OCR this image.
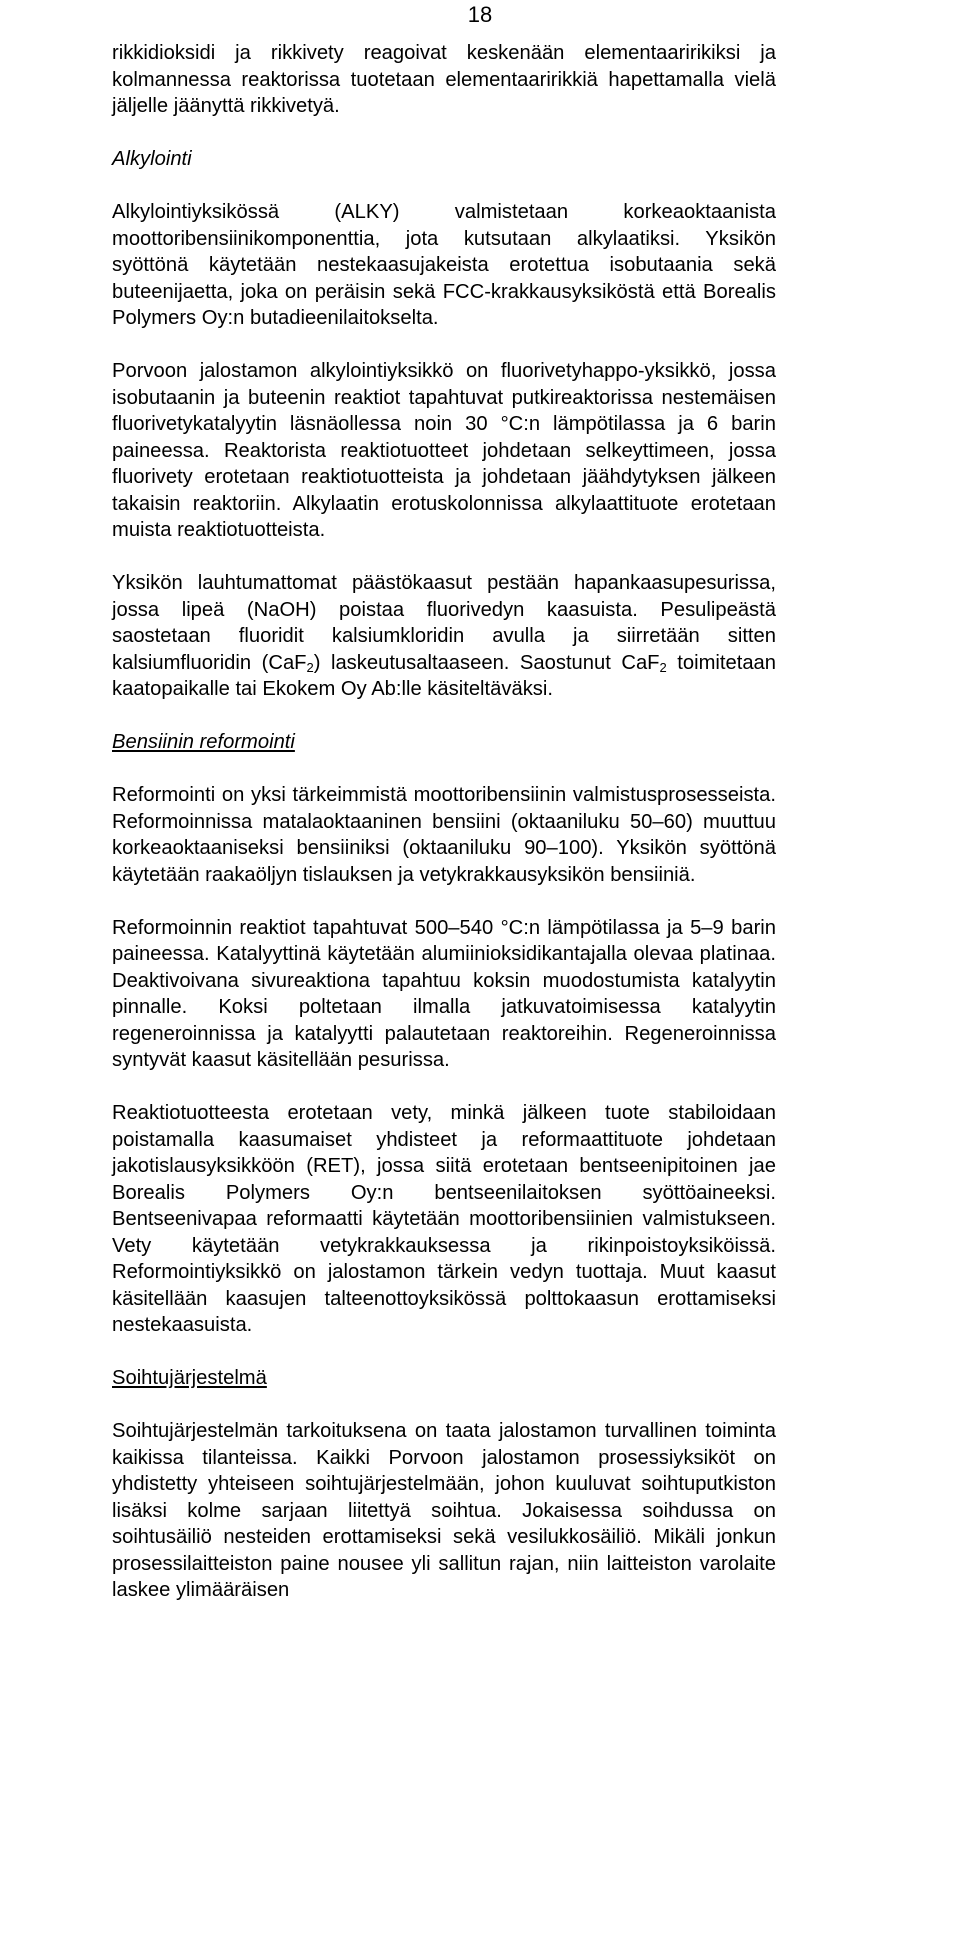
18

rikkidioksidi ja rikkivety reagoivat keskenään elementaaririkiksi ja kolmannessa reaktorissa tuotetaan elementaaririkkiä hapettamalla vielä jäljelle jäänyttä rikkivetyä.

Alkylointi

Alkylointiyksikössä (ALKY) valmistetaan korkeaoktaanista moottoribensiinikomponenttia, jota kutsutaan alkylaatiksi. Yksikön syöttönä käytetään nestekaasujakeista erotettua isobutaania sekä buteenijaetta, joka on peräisin sekä FCC-krakkausyksiköstä että Borealis Polymers Oy:n butadieenilaitokselta.

Porvoon jalostamon alkylointiyksikkö on fluorivetyhappo-yksikkö, jossa isobutaanin ja buteenin reaktiot tapahtuvat putkireaktorissa nestemäisen fluorivetykatalyytin läsnäollessa noin 30 °C:n lämpötilassa ja 6 barin paineessa. Reaktorista reaktiotuotteet johdetaan selkeyttimeen, jossa fluorivety erotetaan reaktiotuotteista ja johdetaan jäähdytyksen jälkeen takaisin reaktoriin. Alkylaatin erotuskolonnissa alkylaattituote erotetaan muista reaktiotuotteista.

Yksikön lauhtumattomat päästökaasut pestään hapankaasupesurissa, jossa lipeä (NaOH) poistaa fluorivedyn kaasuista. Pesulipeästä saostetaan fluoridit kalsiumkloridin avulla ja siirretään sitten kalsiumfluoridin (CaF$_2$) laskeutusaltaaseen. Saostunut CaF$_2$ toimitetaan kaatopaikalle tai Ekokem Oy Ab:lle käsiteltäväksi.

Bensiinin reformointi

Reformointi on yksi tärkeimmistä moottoribensiinin valmistusprosesseista. Reformoinnissa matalaoktaaninen bensiini (oktaaniluku 50–60) muuttuu korkeaoktaaniseksi bensiiniksi (oktaaniluku 90–100). Yksikön syöttönä käytetään raakaöljyn tislauksen ja vetykrakkausyksikön bensiiniä.

Reformoinnin reaktiot tapahtuvat 500–540 °C:n lämpötilassa ja 5–9 barin paineessa. Katalyyttinä käytetään alumiinioksidikantajalla olevaa platinaa. Deaktivoivana sivureaktiona tapahtuu koksin muodostumista katalyytin pinnalle. Koksi poltetaan ilmalla jatkuvatoimisessa katalyytin regeneroinnissa ja katalyytti palautetaan reaktoreihin. Regeneroinnissa syntyvät kaasut käsitellään pesurissa.

Reaktiotuotteesta erotetaan vety, minkä jälkeen tuote stabiloidaan poistamalla kaasumaiset yhdisteet ja reformaattituote johdetaan jakotislausyksikköön (RET), jossa siitä erotetaan bentseenipitoinen jae Borealis Polymers Oy:n bentseenilaitoksen syöttöaineeksi. Bentseenivapaa reformaatti käytetään moottoribensiinien valmistukseen. Vety käytetään vetykrakkauksessa ja rikinpoistoyksiköissä. Reformointiyksikkö on jalostamon tärkein vedyn tuottaja. Muut kaasut käsitellään kaasujen talteenottoyksikössä polttokaasun erottamiseksi nestekaasuista.

Soihtujärjestelmä

Soihtujärjestelmän tarkoituksena on taata jalostamon turvallinen toiminta kaikissa tilanteissa. Kaikki Porvoon jalostamon prosessiyksiköt on yhdistetty yhteiseen soihtujärjestelmään, johon kuuluvat soihtuputkiston lisäksi kolme sarjaan liitettyä soihtua. Jokaisessa soihdussa on soihtusäiliö nesteiden erottamiseksi sekä vesilukkosäiliö. Mikäli jonkun prosessilaitteiston paine nousee yli sallitun rajan, niin laitteiston varolaite laskee ylimääräisen
